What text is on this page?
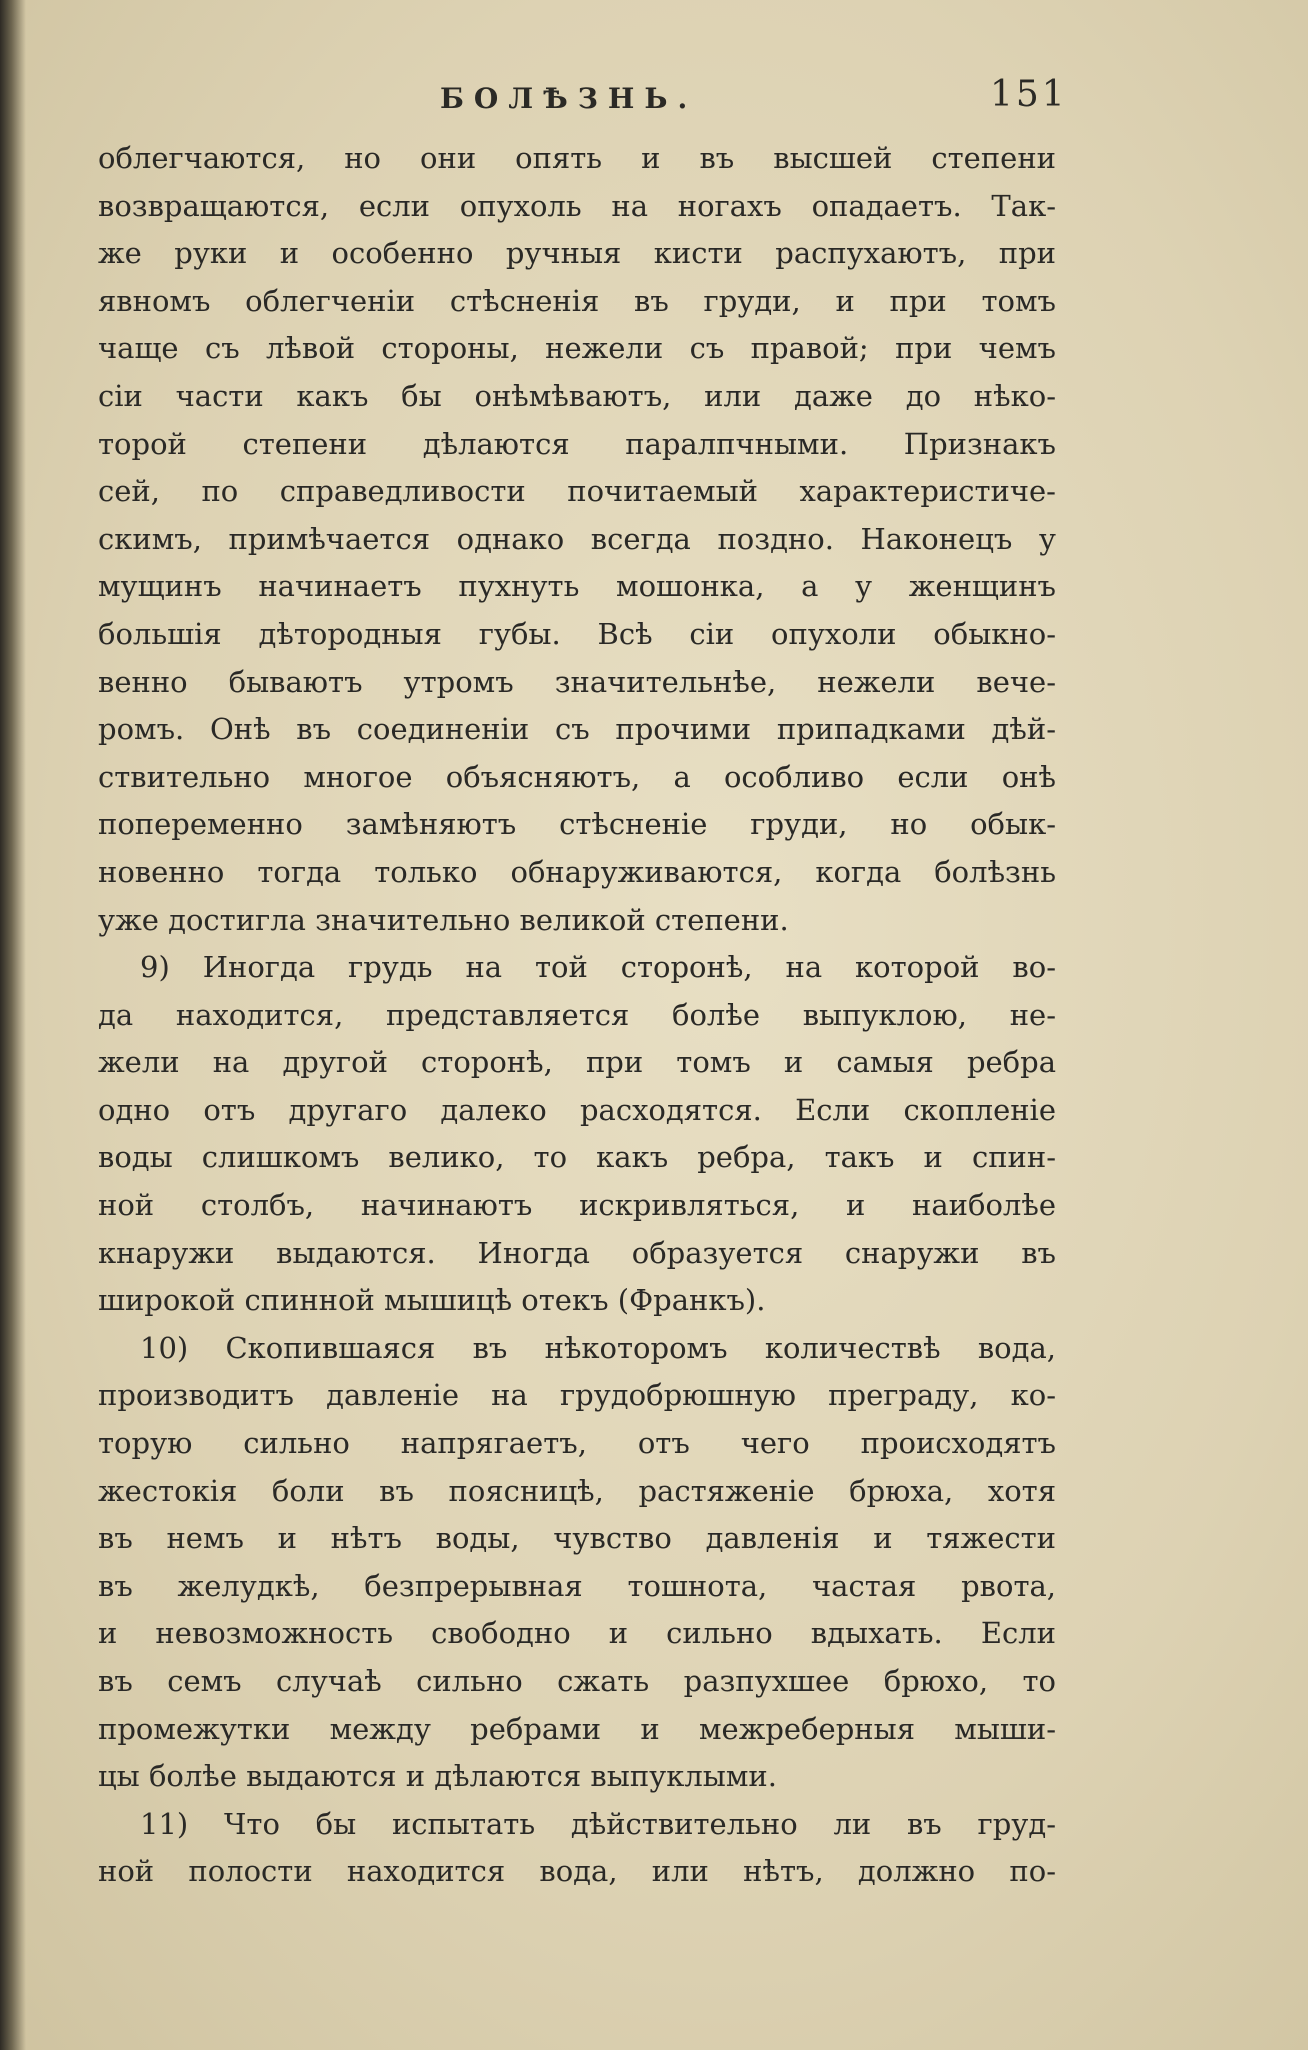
БОЛѢЗНЬ.	151
облегчаются, но они опять и въ высшей степени
возвращаются, если опухоль на ногахъ опадаетъ. Так-
же руки и особенно ручныя кисти распухаютъ, при
явномъ облегченіи стѣсненія въ груди, и при томъ
чаще съ лѣвой стороны, нежели съ правой; при чемъ
сіи части какъ бы онѣмѣваютъ, или даже до нѣко-
торой степени дѣлаются паралпчными. Признакъ
сей, по справедливости почитаемый характеристиче-
скимъ, примѣчается однако всегда поздно. Наконецъ у
мущинъ начинаетъ пухнуть мошонка, а у женщинъ
большія дѣтородныя губы. Всѣ сіи опухоли обыкно-
венно бываютъ утромъ значительнѣе, нежели вече-
ромъ. Онѣ въ соединеніи съ прочими припадками дѣй-
ствительно многое объясняютъ, а особливо если онѣ
попеременно замѣняютъ стѣсненіе груди, но обык-
новенно тогда только обнаруживаются, когда болѣзнь
уже достигла значительно великой степени.
9) Иногда грудь на той сторонѣ, на которой во-
да находится, представляется болѣе выпуклою, не-
жели на другой сторонѣ, при томъ и самыя ребра
одно отъ другаго далеко расходятся. Если скопленіе
воды слишкомъ велико, то какъ ребра, такъ и спин-
ной столбъ, начинаютъ искривляться, и наиболѣе
кнаружи выдаются. Иногда образуется снаружи въ
широкой спинной мышицѣ отекъ (Франкъ).
10) Скопившаяся въ нѣкоторомъ количествѣ вода,
производитъ давленіе на грудобрюшную преграду, ко-
торую сильно напрягаетъ, отъ чего происходятъ
жестокія боли въ поясницѣ, растяженіе брюха, хотя
въ немъ и нѣтъ воды, чувство давленія и тяжести
въ желудкѣ, безпрерывная тошнота, частая рвота,
и невозможность свободно и сильно вдыхать. Если
въ семъ случаѣ сильно сжать разпухшее брюхо, то
промежутки между ребрами и межреберныя мыши-
цы болѣе выдаются и дѣлаются выпуклыми.
11) Что бы испытать дѣйствительно ли въ груд-
ной полости находится вода, или нѣтъ, должно по-
